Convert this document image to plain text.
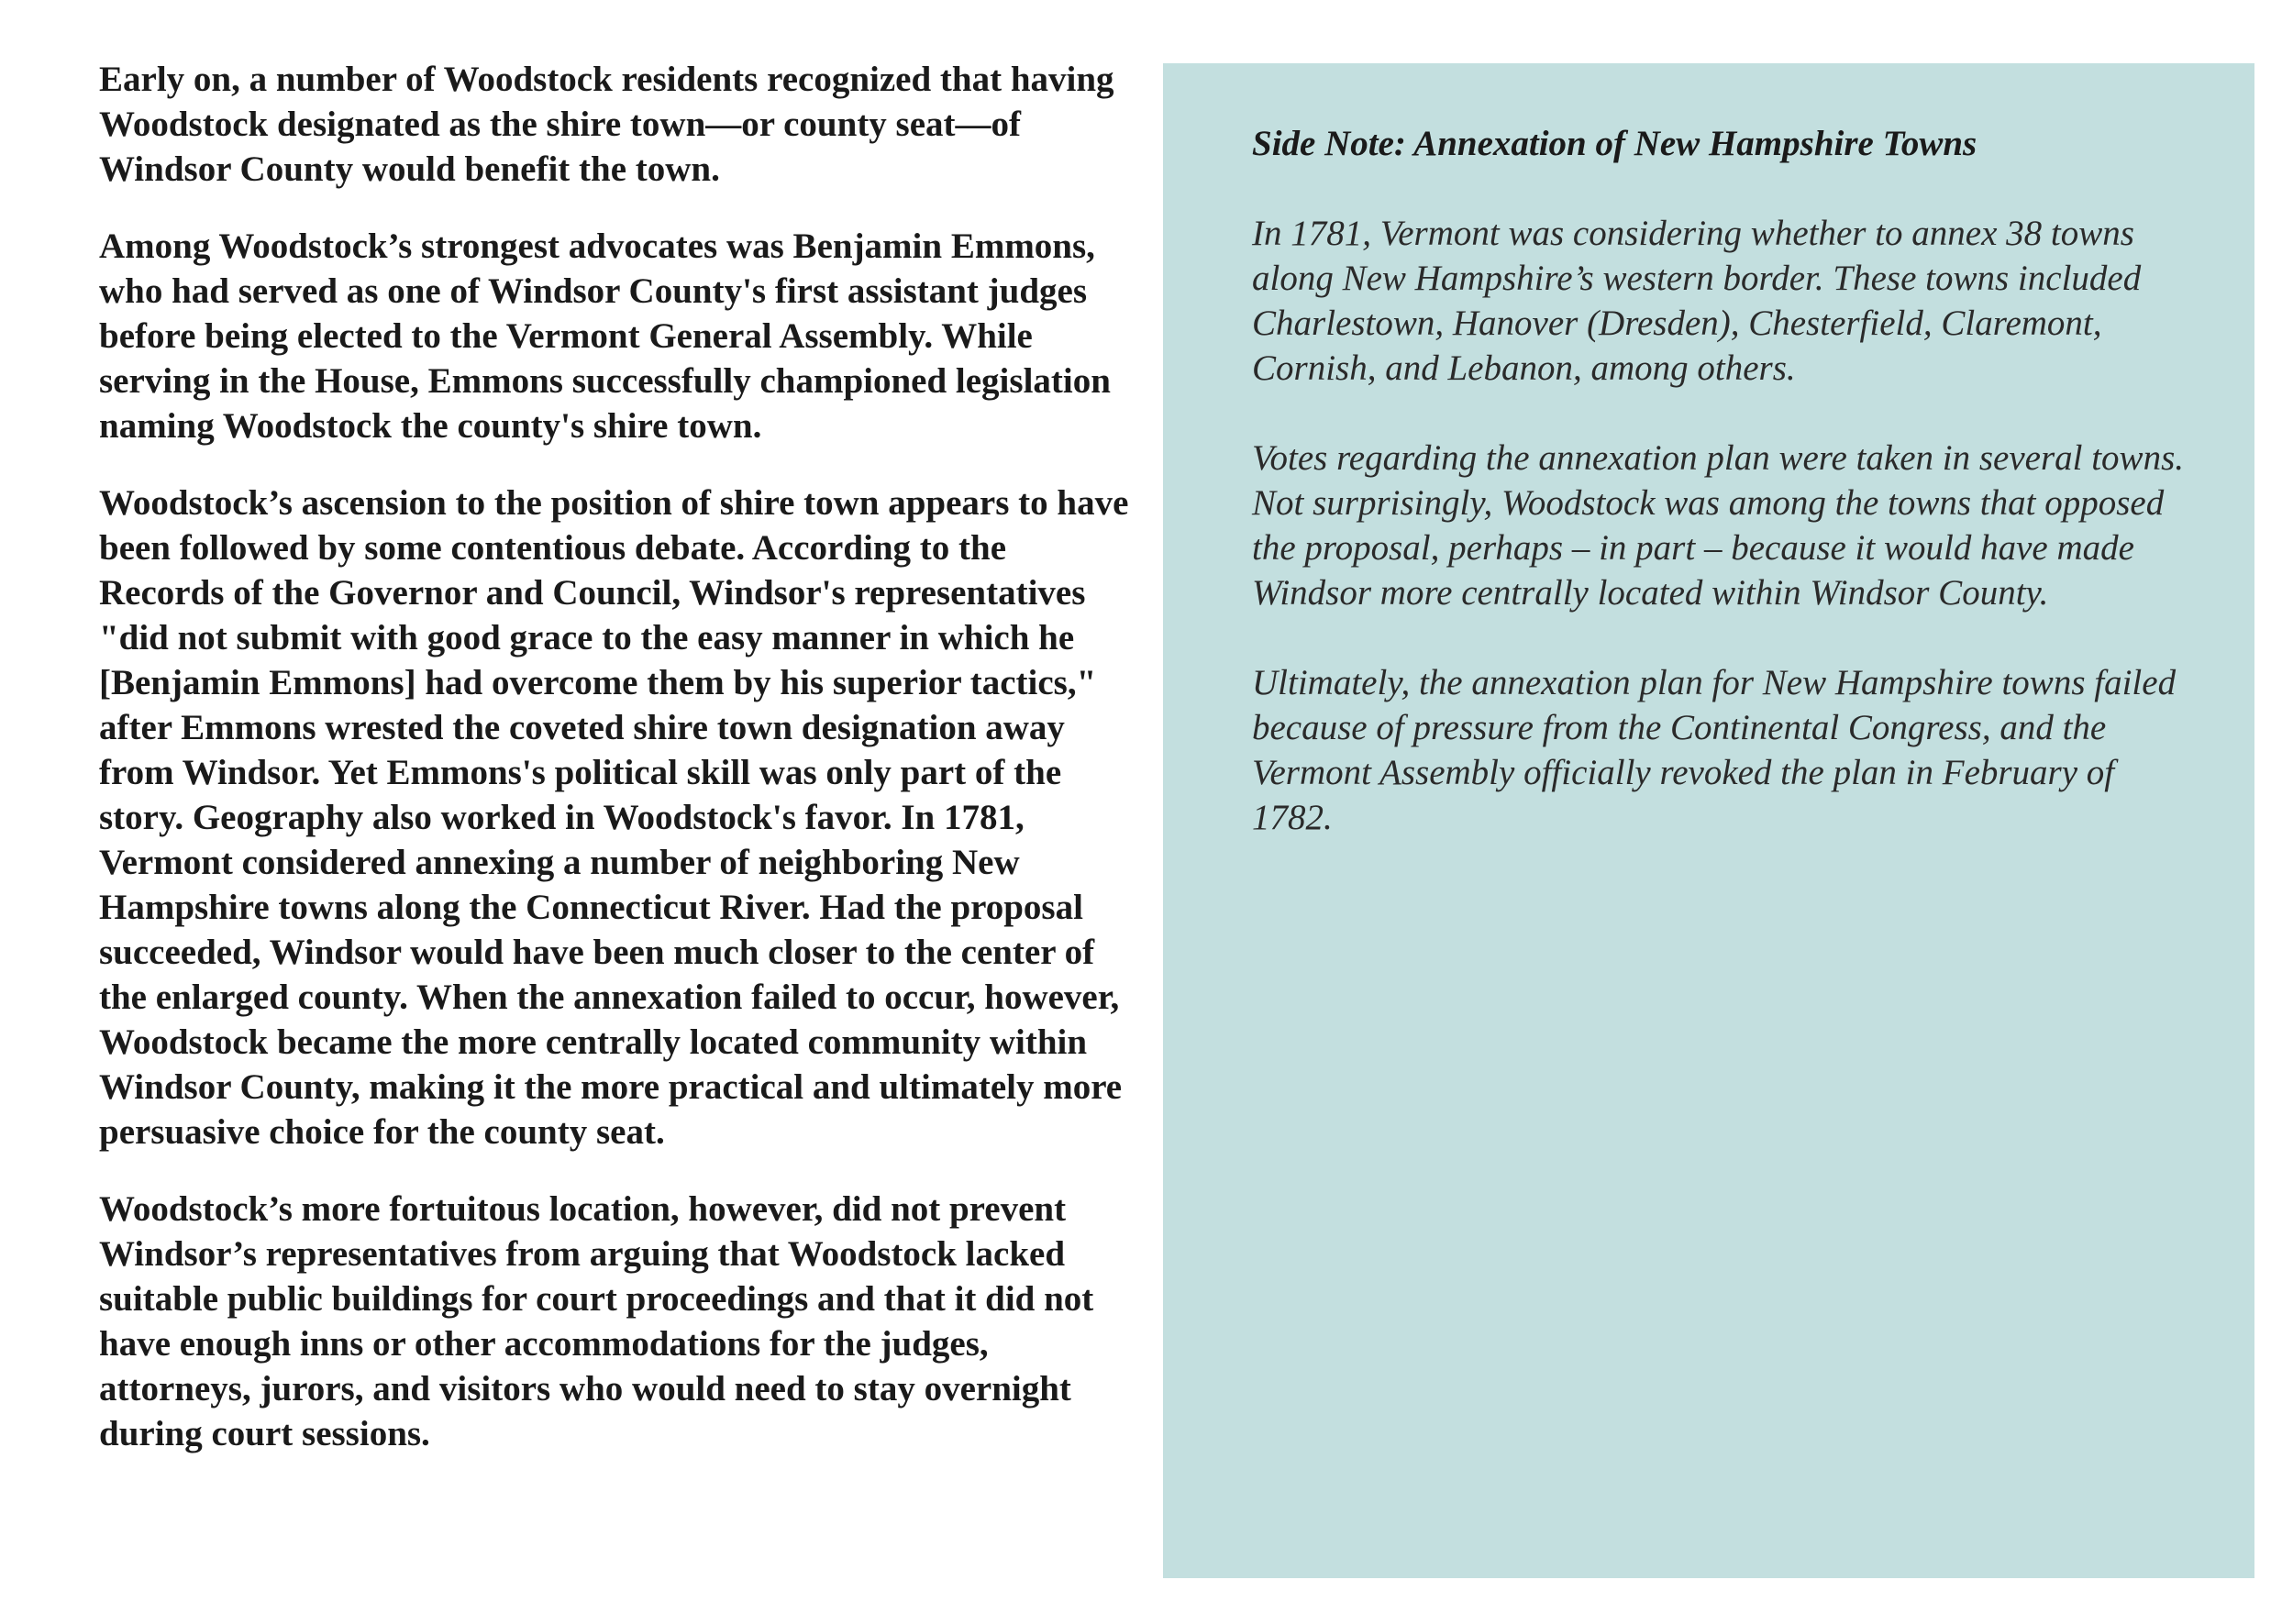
Early on, a number of Woodstock residents recognized that having Woodstock designated as the shire town—or county seat—of Windsor County would benefit the town.

Among Woodstock’s strongest advocates was Benjamin Emmons, who had served as one of Windsor County's first assistant judges before being elected to the Vermont General Assembly. While serving in the House, Emmons successfully championed legislation naming Woodstock the county's shire town.

Woodstock’s ascension to the position of shire town appears to have been followed by some contentious debate. According to the Records of the Governor and Council, Windsor's representatives "did not submit with good grace to the easy manner in which he [Benjamin Emmons] had overcome them by his superior tactics," after Emmons wrested the coveted shire town designation away from Windsor. Yet Emmons's political skill was only part of the story. Geography also worked in Woodstock's favor. In 1781, Vermont considered annexing a number of neighboring New Hampshire towns along the Connecticut River. Had the proposal succeeded, Windsor would have been much closer to the center of the enlarged county. When the annexation failed to occur, however, Woodstock became the more centrally located community within Windsor County, making it the more practical and ultimately more persuasive choice for the county seat.

Woodstock’s more fortuitous location, however, did not prevent Windsor’s representatives from arguing that Woodstock lacked suitable public buildings for court proceedings and that it did not have enough inns or other accommodations for the judges, attorneys, jurors, and visitors who would need to stay overnight during court sessions.

Side Note: Annexation of New Hampshire Towns

In 1781, Vermont was considering whether to annex 38 towns along New Hampshire’s western border. These towns included Charlestown, Hanover (Dresden), Chesterfield, Claremont, Cornish, and Lebanon, among others.

Votes regarding the annexation plan were taken in several towns. Not surprisingly, Woodstock was among the towns that opposed the proposal, perhaps – in part – because it would have made Windsor more centrally located within Windsor County.

Ultimately, the annexation plan for New Hampshire towns failed because of pressure from the Continental Congress, and the Vermont Assembly officially revoked the plan in February of 1782.
